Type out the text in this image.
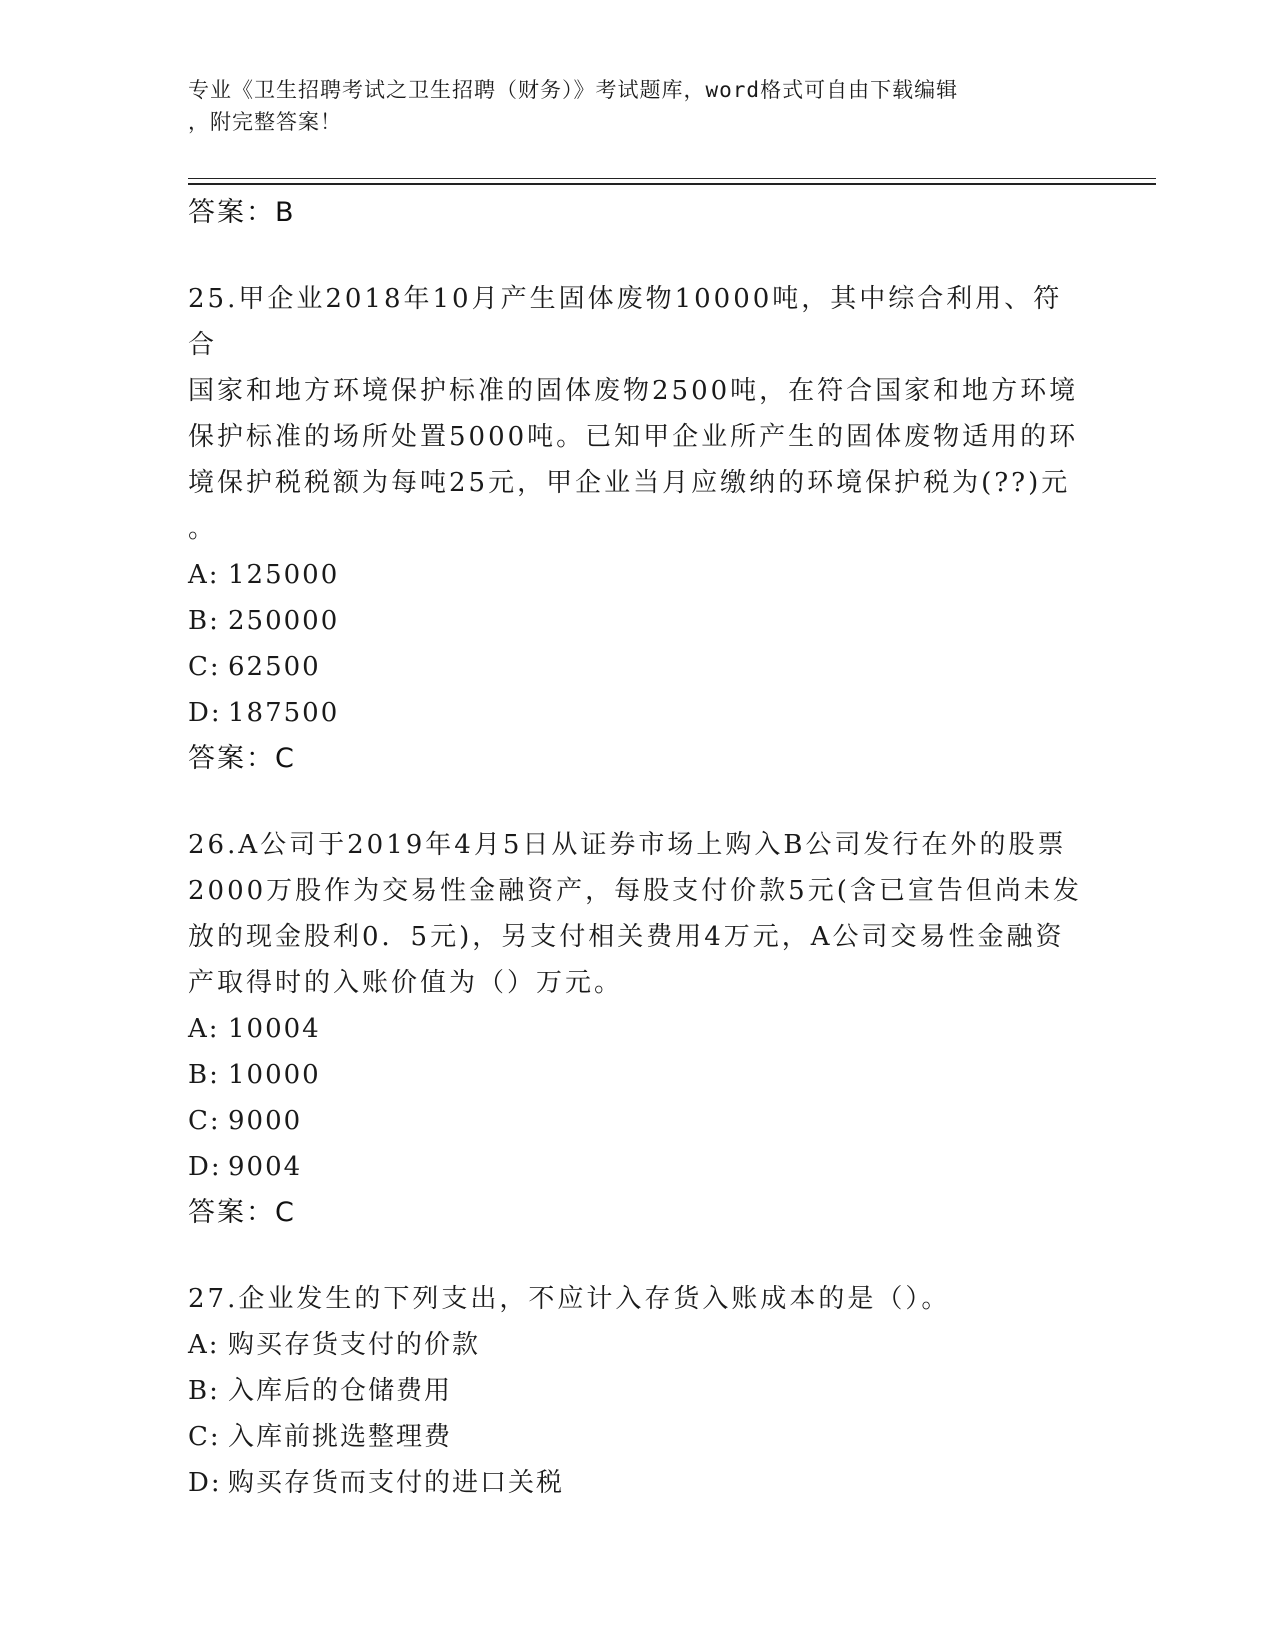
专业《卫生招聘考试之卫生招聘（财务）》考试题库，word格式可自由下载编辑
，附完整答案！
答案：B
25.甲企业2018年10月产生固体废物10000吨，其中综合利用、符合
国家和地方环境保护标准的固体废物2500吨，在符合国家和地方环境
保护标准的场所处置5000吨。已知甲企业所产生的固体废物适用的环
境保护税税额为每吨25元，甲企业当月应缴纳的环境保护税为(??)元
。
A: 125000
B: 250000
C: 62500
D: 187500
答案：C
26.A公司于2019年4月5日从证券市场上购入B公司发行在外的股票
2000万股作为交易性金融资产，每股支付价款5元(含已宣告但尚未发
放的现金股利0．5元)，另支付相关费用4万元，A公司交易性金融资
产取得时的入账价值为（）万元。
A: 10004
B: 10000
C: 9000
D: 9004
答案：C
27.企业发生的下列支出，不应计入存货入账成本的是（）。
A: 购买存货支付的价款
B: 入库后的仓储费用
C: 入库前挑选整理费
D: 购买存货而支付的进口关税
